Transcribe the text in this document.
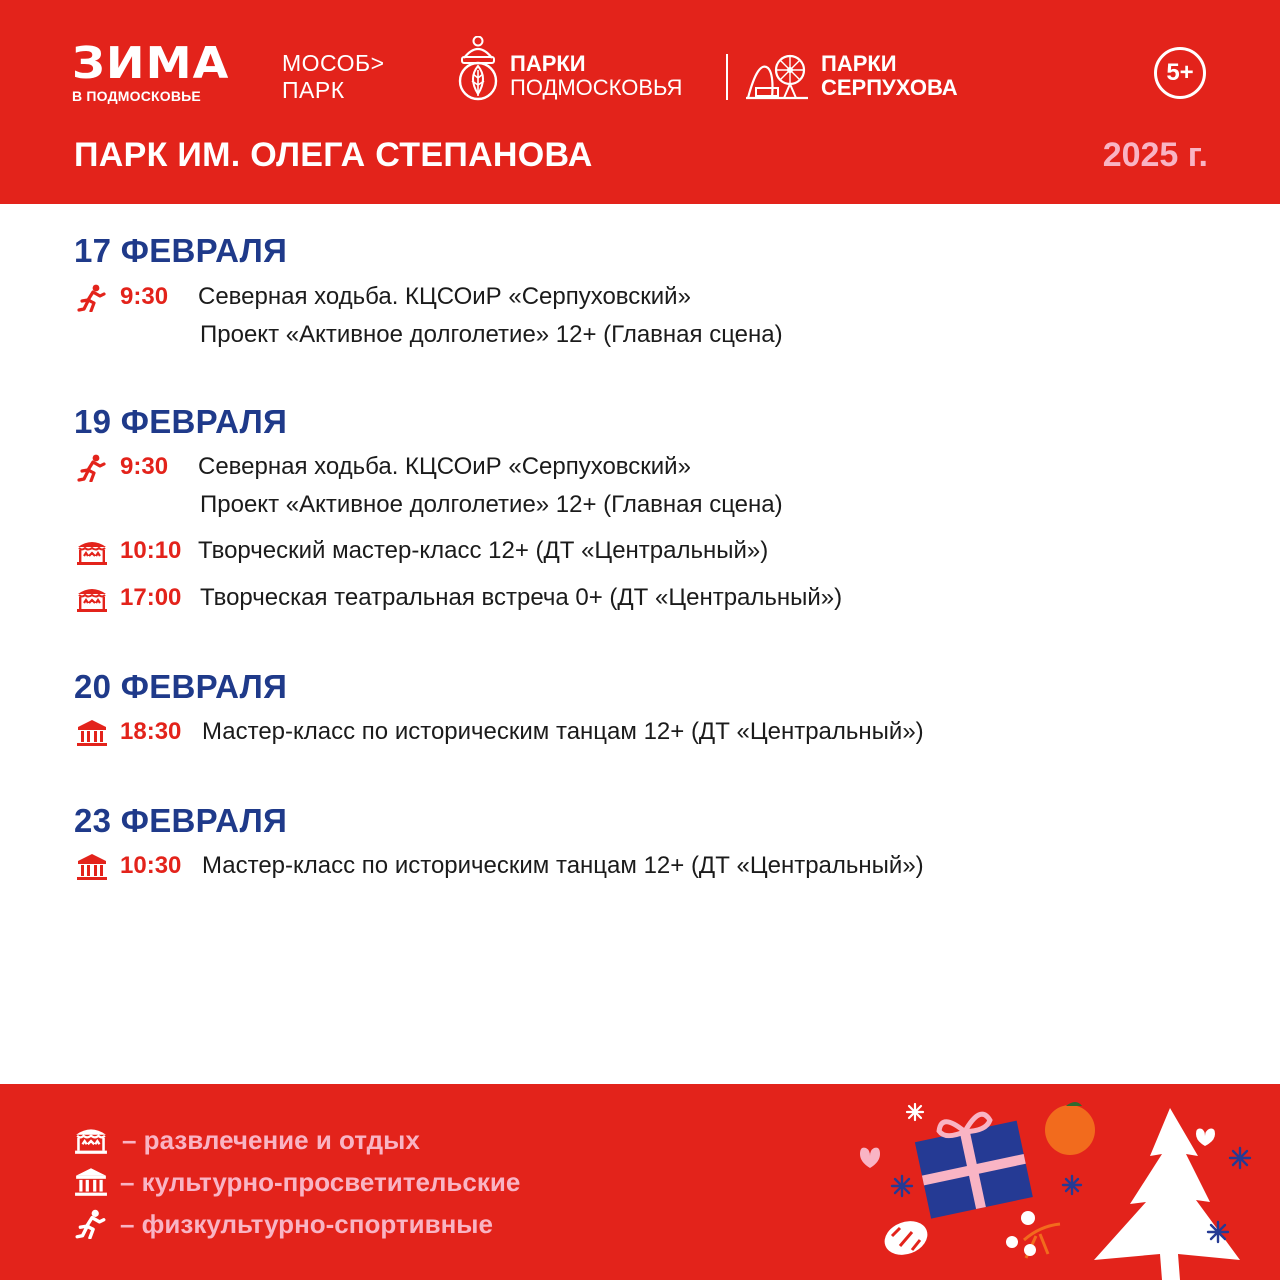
ЗИМА
В ПОДМОСКОВЬЕ
МОСОБ>
ПАРК
ПАРКИ
ПОДМОСКОВЬЯ
ПАРКИ
СЕРПУХОВА
5+
ПАРК ИМ. ОЛЕГА СТЕПАНОВА	2025 г.
17 ФЕВРАЛЯ
9:30 Северная ходьба. КЦСОиР «Серпуховский»
Проект «Активное долголетие» 12+ (Главная сцена)
19 ФЕВРАЛЯ
9:30 Северная ходьба. КЦСОиР «Серпуховский»
Проект «Активное долголетие» 12+ (Главная сцена)
10:10 Творческий мастер-класс 12+ (ДТ «Центральный»)
17:00 Творческая театральная встреча 0+ (ДТ «Центральный»)
20 ФЕВРАЛЯ
18:30 Мастер-класс по историческим танцам 12+ (ДТ «Центральный»)
23 ФЕВРАЛЯ
10:30 Мастер-класс по историческим танцам 12+ (ДТ «Центральный»)
– развлечение и отдых
– культурно-просветительские
– физкультурно-спортивные
